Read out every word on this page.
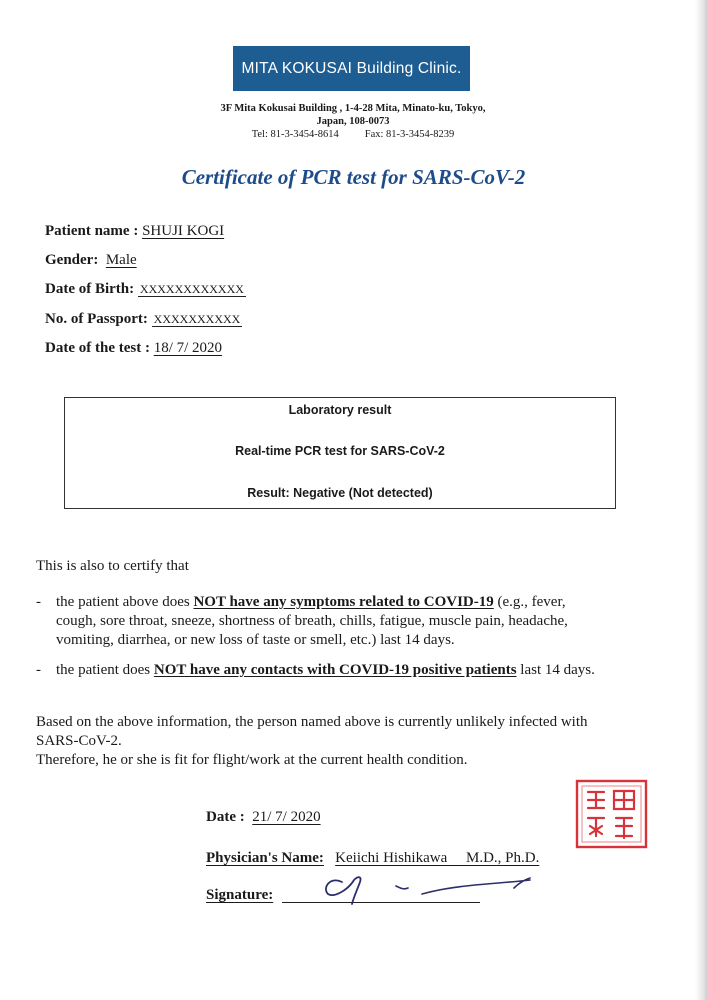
MITA KOKUSAI Building Clinic.
3F Mita Kokusai Building , 1-4-28 Mita, Minato-ku, Tokyo,
Japan, 108-0073
Tel: 81-3-3454-8614 Fax: 81-3-3454-8239
Certificate of PCR test for SARS-CoV-2
Patient name : SHUJI KOGI
Gender: Male
Date of Birth: XXXXXXXXXXXX
No. of Passport: XXXXXXXXXX
Date of the test : 18/ 7/ 2020
Laboratory result
Real-time PCR test for SARS-CoV-2
Result: Negative (Not detected)
This is also to certify that
- the patient above does NOT have any symptoms related to COVID-19 (e.g., fever,
cough, sore throat, sneeze, shortness of breath, chills, fatigue, muscle pain, headache,
vomiting, diarrhea, or new loss of taste or smell, etc.) last 14 days.
- the patient does NOT have any contacts with COVID-19 positive patients last 14 days.
Based on the above information, the person named above is currently unlikely infected with
SARS-CoV-2.
Therefore, he or she is fit for flight/work at the current health condition.
Date : 21/ 7/ 2020
Physician's Name: Keiichi Hishikawa     M.D., Ph.D.
Signature:
